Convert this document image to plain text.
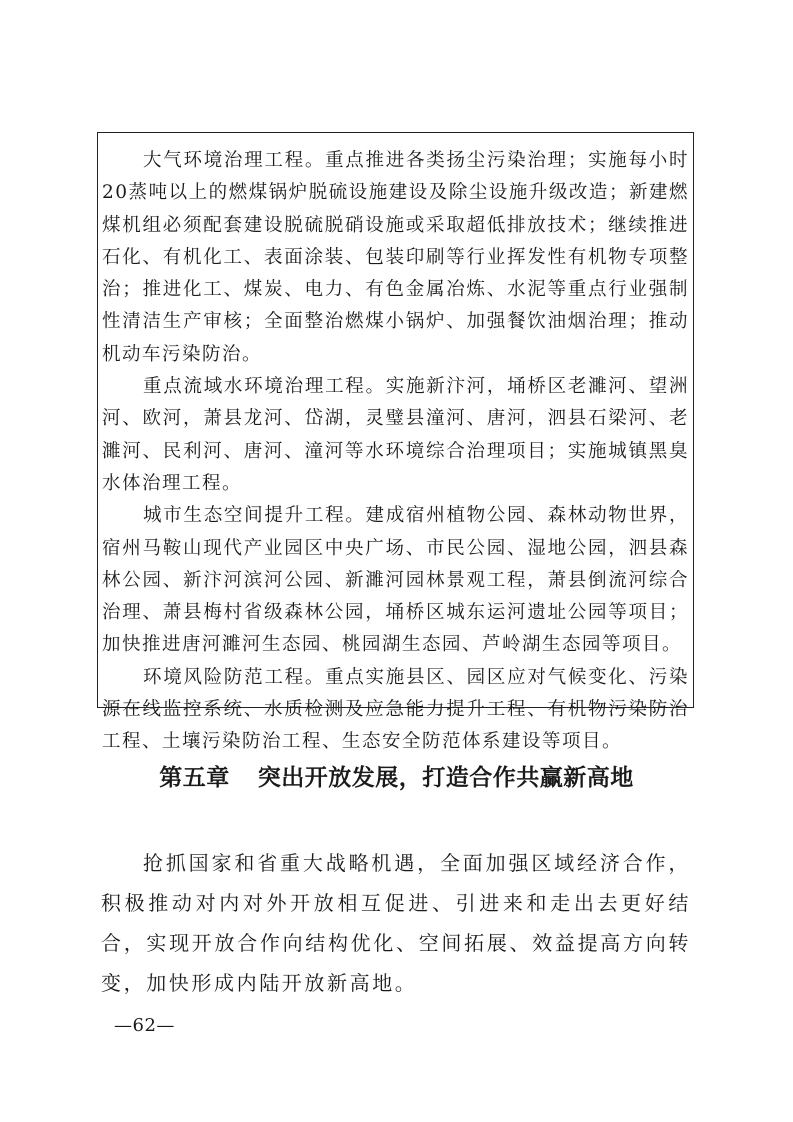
大气环境治理工程。重点推进各类扬尘污染治理；实施每小时20蒸吨以上的燃煤锅炉脱硫设施建设及除尘设施升级改造；新建燃煤机组必须配套建设脱硫脱硝设施或采取超低排放技术；继续推进石化、有机化工、表面涂装、包装印刷等行业挥发性有机物专项整治；推进化工、煤炭、电力、有色金属冶炼、水泥等重点行业强制性清洁生产审核；全面整治燃煤小锅炉、加强餐饮油烟治理；推动机动车污染防治。

重点流域水环境治理工程。实施新汴河，埇桥区老濉河、望洲河、欧河，萧县龙河、岱湖，灵璧县潼河、唐河，泗县石梁河、老濉河、民利河、唐河、潼河等水环境综合治理项目；实施城镇黑臭水体治理工程。

城市生态空间提升工程。建成宿州植物公园、森林动物世界，宿州马鞍山现代产业园区中央广场、市民公园、湿地公园，泗县森林公园、新汴河滨河公园、新濉河园林景观工程，萧县倒流河综合治理、萧县梅村省级森林公园，埇桥区城东运河遗址公园等项目；加快推进唐河濉河生态园、桃园湖生态园、芦岭湖生态园等项目。

环境风险防范工程。重点实施县区、园区应对气候变化、污染源在线监控系统、水质检测及应急能力提升工程、有机物污染防治工程、土壤污染防治工程、生态安全防范体系建设等项目。

第五章 突出开放发展，打造合作共赢新高地

抢抓国家和省重大战略机遇，全面加强区域经济合作，积极推动对内对外开放相互促进、引进来和走出去更好结合，实现开放合作向结构优化、空间拓展、效益提高方向转变，加快形成内陆开放新高地。

—62—
